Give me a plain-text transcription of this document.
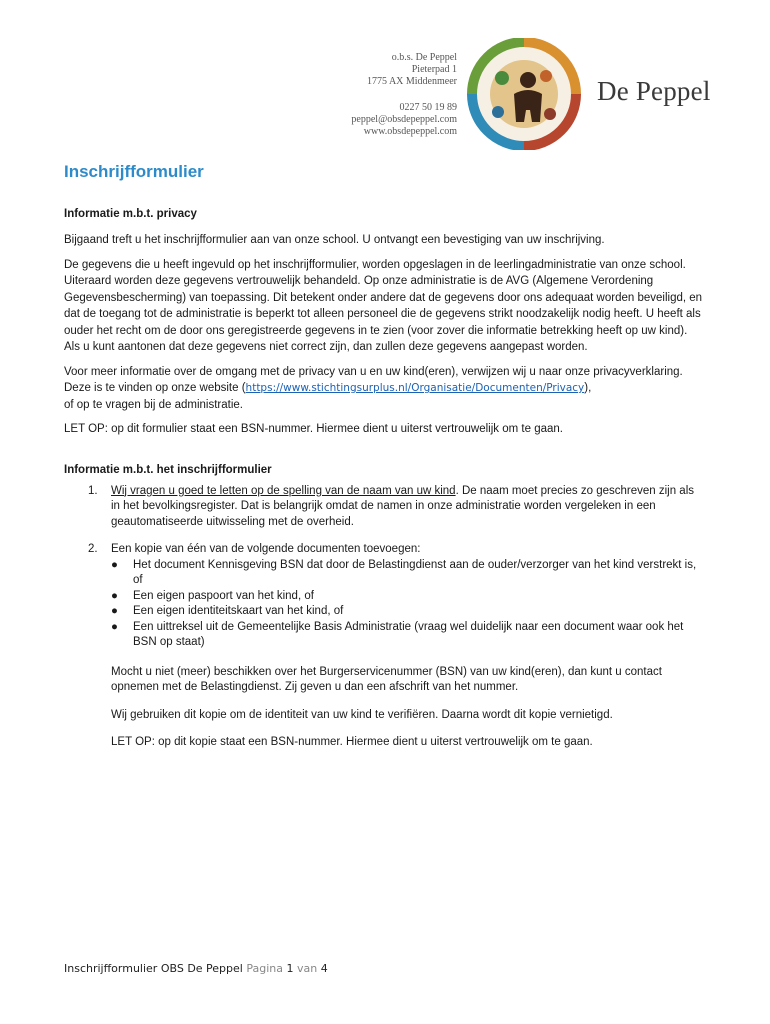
o.b.s. De Peppel
Pieterpad 1
1775 AX Middenmeer
0227 50 19 89
peppel@obsdepeppel.com
www.obsdepeppel.com
De Peppel
Inschrijfformulier
Informatie m.b.t. privacy

Bijgaand treft u het inschrijfformulier aan van onze school. U ontvangt een bevestiging van uw inschrijving.

De gegevens die u heeft ingevuld op het inschrijfformulier, worden opgeslagen in de leerlingadministratie van onze school. Uiteraard worden deze gegevens vertrouwelijk behandeld. Op onze administratie is de AVG (Algemene Verordening Gegevensbescherming) van toepassing. Dit betekent onder andere dat de gegevens door ons adequaat worden beveiligd, en dat de toegang tot de administratie is beperkt tot alleen personeel die de gegevens strikt noodzakelijk nodig heeft. U heeft als ouder het recht om de door ons geregistreerde gegevens in te zien (voor zover die informatie betrekking heeft op uw kind). Als u kunt aantonen dat deze gegevens niet correct zijn, dan zullen deze gegevens aangepast worden.

Voor meer informatie over de omgang met de privacy van u en uw kind(eren), verwijzen wij u naar onze privacyverklaring.
Deze is te vinden op onze website (https://www.stichtingsurplus.nl/Organisatie/Documenten/Privacy),
of op te vragen bij de administratie.

LET OP: op dit formulier staat een BSN-nummer. Hiermee dient u uiterst vertrouwelijk om te gaan.

Informatie m.b.t. het inschrijfformulier
1. Wij vragen u goed te letten op de spelling van de naam van uw kind. De naam moet precies zo geschreven zijn als in het bevolkingsregister. Dat is belangrijk omdat de namen in onze administratie worden vergeleken in een geautomatiseerde uitwisseling met de overheid.
2. Een kopie van één van de volgende documenten toevoegen:
● Het document Kennisgeving BSN dat door de Belastingdienst aan de ouder/verzorger van het kind verstrekt is, of
● Een eigen paspoort van het kind, of
● Een eigen identiteitskaart van het kind, of
● Een uittreksel uit de Gemeentelijke Basis Administratie (vraag wel duidelijk naar een document waar ook het BSN op staat)
Mocht u niet (meer) beschikken over het Burgerservicenummer (BSN) van uw kind(eren), dan kunt u contact opnemen met de Belastingdienst. Zij geven u dan een afschrift van het nummer.
Wij gebruiken dit kopie om de identiteit van uw kind te verifiëren. Daarna wordt dit kopie vernietigd.
LET OP: op dit kopie staat een BSN-nummer. Hiermee dient u uiterst vertrouwelijk om te gaan.
Inschrijfformulier OBS De Peppel Pagina 1 van 4
